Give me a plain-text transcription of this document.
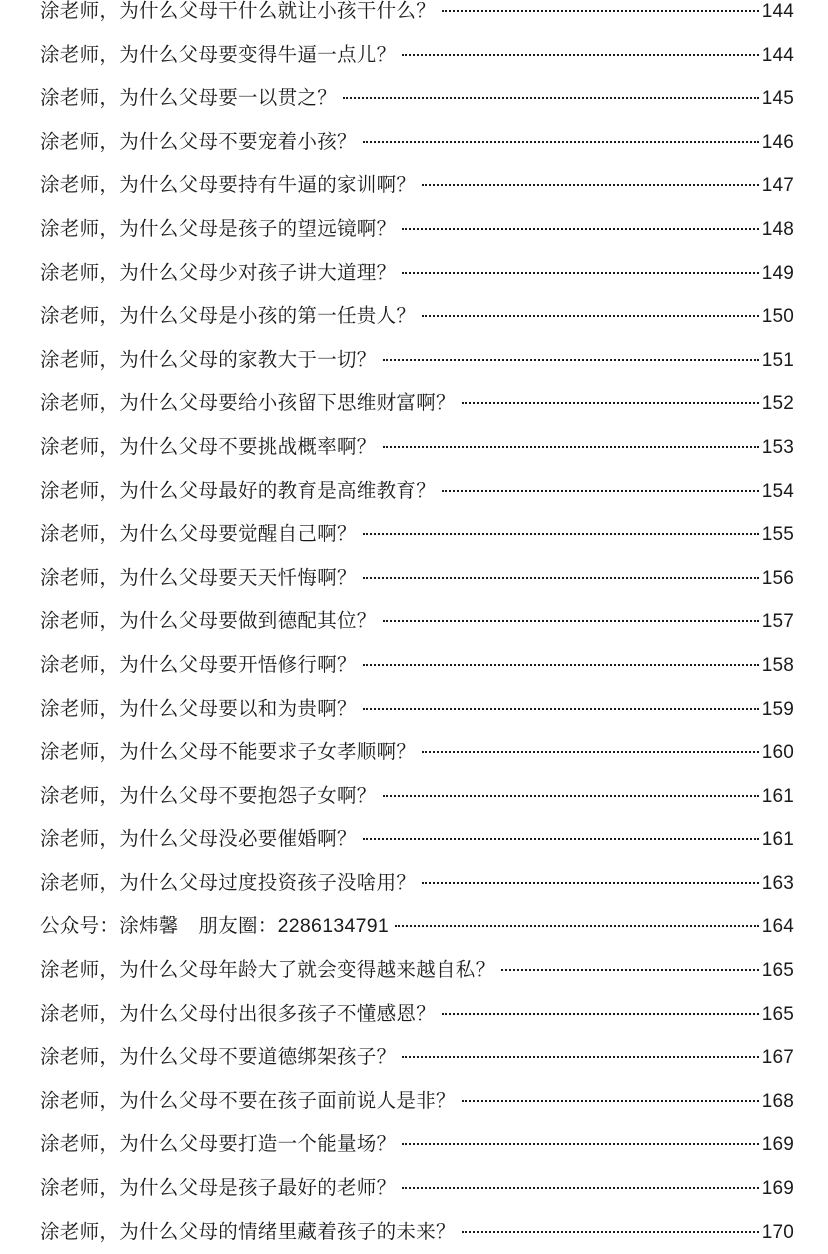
涂老师，为什么父母干什么就让小孩干什么？	144
涂老师，为什么父母要变得牛逼一点儿？	144
涂老师，为什么父母要一以贯之？	145
涂老师，为什么父母不要宠着小孩？	146
涂老师，为什么父母要持有牛逼的家训啊？	147
涂老师，为什么父母是孩子的望远镜啊？	148
涂老师，为什么父母少对孩子讲大道理？	149
涂老师，为什么父母是小孩的第一任贵人？	150
涂老师，为什么父母的家教大于一切？	151
涂老师，为什么父母要给小孩留下思维财富啊？	152
涂老师，为什么父母不要挑战概率啊？	153
涂老师，为什么父母最好的教育是高维教育？	154
涂老师，为什么父母要觉醒自己啊？	155
涂老师，为什么父母要天天忏悔啊？	156
涂老师，为什么父母要做到德配其位？	157
涂老师，为什么父母要开悟修行啊？	158
涂老师，为什么父母要以和为贵啊？	159
涂老师，为什么父母不能要求子女孝顺啊？	160
涂老师，为什么父母不要抱怨子女啊？	161
涂老师，为什么父母没必要催婚啊？	161
涂老师，为什么父母过度投资孩子没啥用？	163
公众号：涂炜馨　朋友圈：2286134791	164
涂老师，为什么父母年龄大了就会变得越来越自私？	165
涂老师，为什么父母付出很多孩子不懂感恩？	165
涂老师，为什么父母不要道德绑架孩子？	167
涂老师，为什么父母不要在孩子面前说人是非？	168
涂老师，为什么父母要打造一个能量场？	169
涂老师，为什么父母是孩子最好的老师？	169
涂老师，为什么父母的情绪里藏着孩子的未来？	170
